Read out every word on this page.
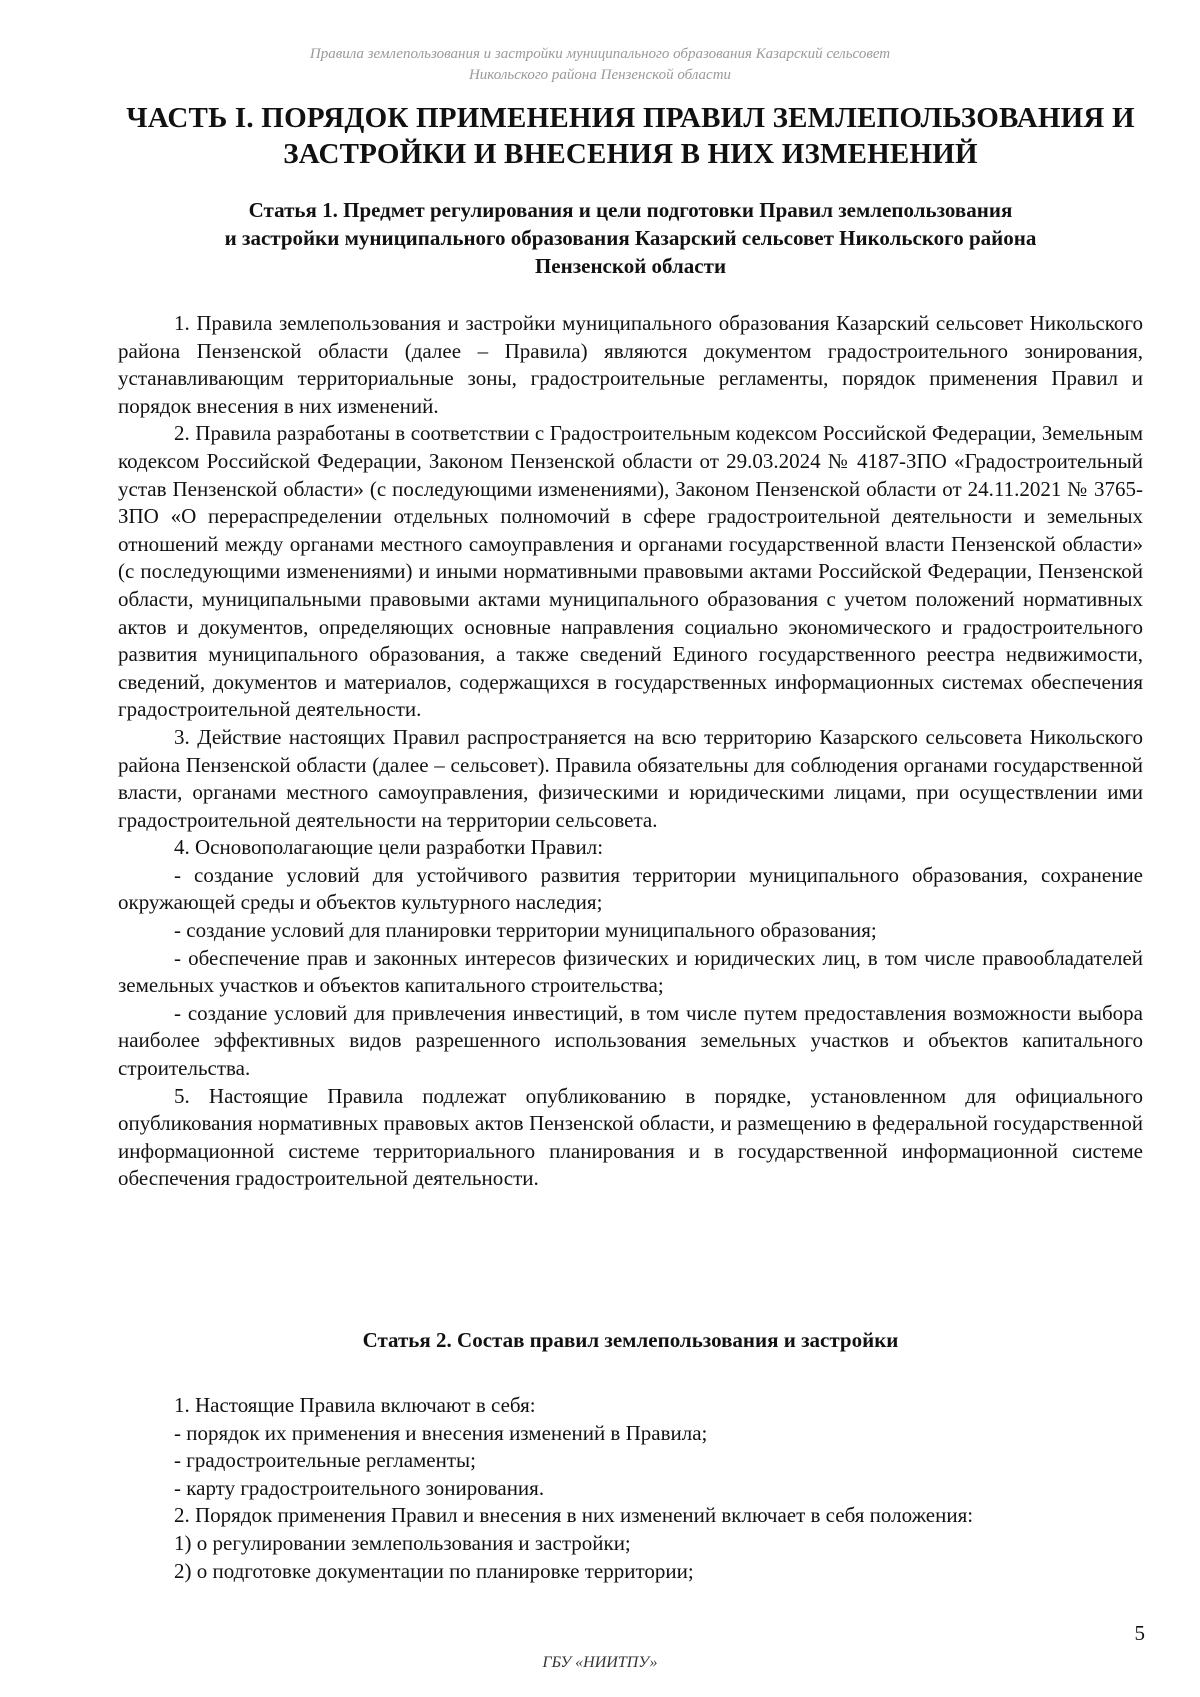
Правила землепользования и застройки муниципального образования Казарский сельсовет
Никольского района Пензенской области
ЧАСТЬ I. ПОРЯДОК ПРИМЕНЕНИЯ ПРАВИЛ ЗЕМЛЕПОЛЬЗОВАНИЯ И
ЗАСТРОЙКИ И ВНЕСЕНИЯ В НИХ ИЗМЕНЕНИЙ
Статья 1. Предмет регулирования и цели подготовки Правил землепользования
и застройки муниципального образования Казарский сельсовет Никольского района
Пензенской области

1. Правила землепользования и застройки муниципального образования Казарский сельсовет Никольского района Пензенской области (далее – Правила) являются документом градостроительного зонирования, устанавливающим территориальные зоны, градостроительные регламенты, порядок применения Правил и порядок внесения в них изменений.

2. Правила разработаны в соответствии с Градостроительным кодексом Российской Федерации, Земельным кодексом Российской Федерации, Законом Пензенской области от 29.03.2024 № 4187-ЗПО «Градостроительный устав Пензенской области» (с последующими изменениями), Законом Пензенской области от 24.11.2021 № 3765-ЗПО «О перераспределении отдельных полномочий в сфере градостроительной деятельности и земельных отношений между органами местного самоуправления и органами государственной власти Пензенской области» (с последующими изменениями) и иными нормативными правовыми актами Российской Федерации, Пензенской области, муниципальными правовыми актами муниципального образования с учетом положений нормативных актов и документов, определяющих основные направления социально экономического и градостроительного развития муниципального образования, а также сведений Единого государственного реестра недвижимости, сведений, документов и материалов, содержащихся в государственных информационных системах обеспечения градостроительной деятельности.

3. Действие настоящих Правил распространяется на всю территорию Казарского сельсовета Никольского района Пензенской области (далее – сельсовет). Правила обязательны для соблюдения органами государственной власти, органами местного самоуправления, физическими и юридическими лицами, при осуществлении ими градостроительной деятельности на территории сельсовета.

4. Основополагающие цели разработки Правил:

- создание условий для устойчивого развития территории муниципального образования, сохранение окружающей среды и объектов культурного наследия;

- создание условий для планировки территории муниципального образования;

- обеспечение прав и законных интересов физических и юридических лиц, в том числе правообладателей земельных участков и объектов капитального строительства;

- создание условий для привлечения инвестиций, в том числе путем предоставления возможности выбора наиболее эффективных видов разрешенного использования земельных участков и объектов капитального строительства.

5. Настоящие Правила подлежат опубликованию в порядке, установленном для официального опубликования нормативных правовых актов Пензенской области, и размещению в федеральной государственной информационной системе территориального планирования и в государственной информационной системе обеспечения градостроительной деятельности.

Статья 2. Состав правил землепользования и застройки

1. Настоящие Правила включают в себя:

- порядок их применения и внесения изменений в Правила;

- градостроительные регламенты;

- карту градостроительного зонирования.

2. Порядок применения Правил и внесения в них изменений включает в себя положения:

1) о регулировании землепользования и застройки;

2) о подготовке документации по планировке территории;

5
ГБУ «НИИТПУ»
